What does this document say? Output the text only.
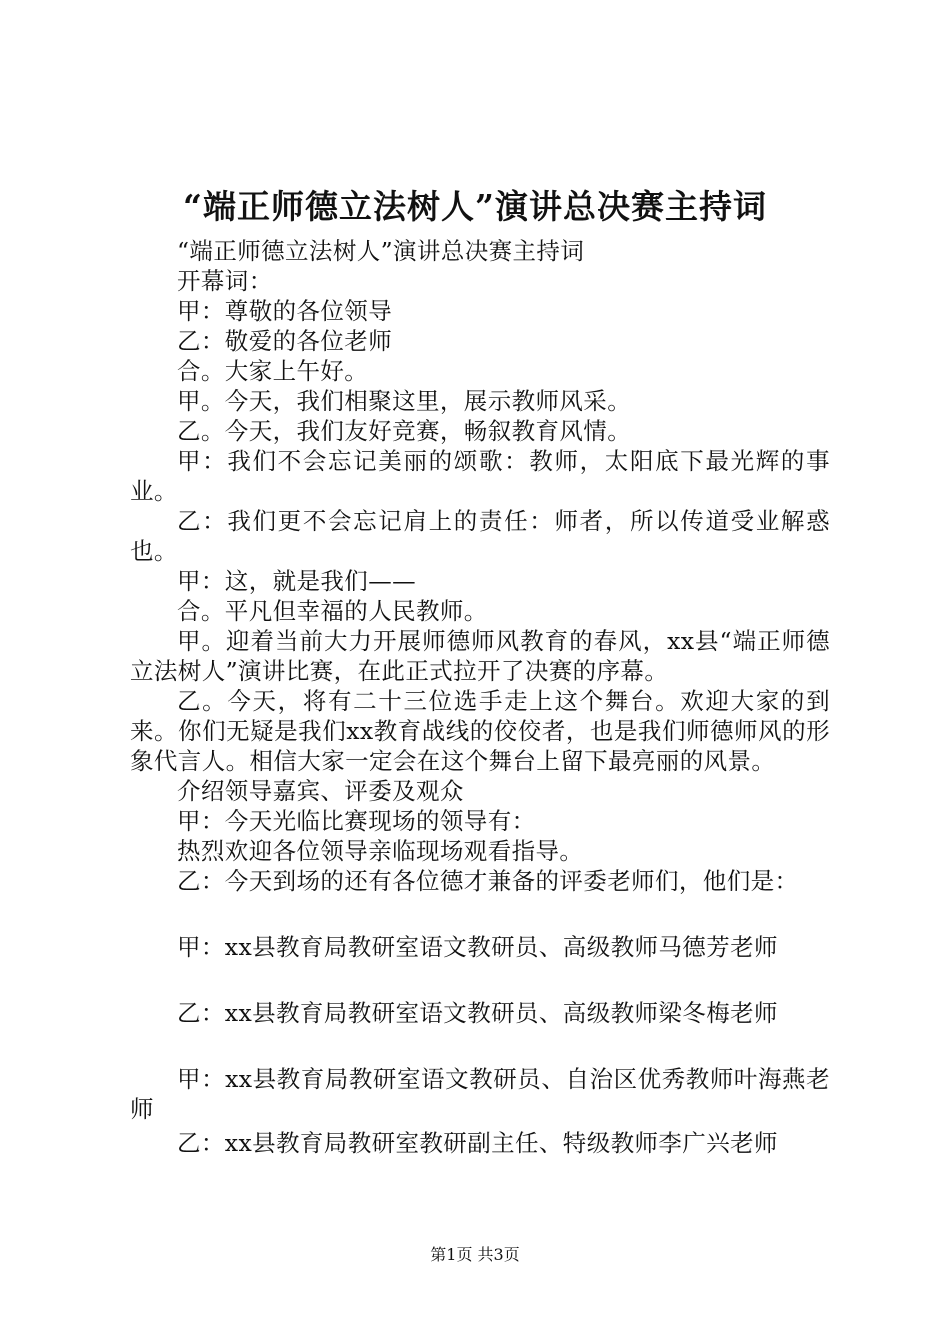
“端正师德立法树人”演讲总决赛主持词

“端正师德立法树人”演讲总决赛主持词

开幕词：

甲：尊敬的各位领导

乙：敬爱的各位老师

合。大家上午好。

甲。今天，我们相聚这里，展示教师风采。

乙。今天，我们友好竞赛，畅叙教育风情。

甲：我们不会忘记美丽的颂歌：教师，太阳底下最光辉的事业。

乙：我们更不会忘记肩上的责任：师者，所以传道受业解惑也。

甲：这，就是我们——

合。平凡但幸福的人民教师。

甲。迎着当前大力开展师德师风教育的春风，xx县“端正师德立法树人”演讲比赛，在此正式拉开了决赛的序幕。

乙。今天，将有二十三位选手走上这个舞台。欢迎大家的到来。你们无疑是我们xx教育战线的佼佼者，也是我们师德师风的形象代言人。相信大家一定会在这个舞台上留下最亮丽的风景。

介绍领导嘉宾、评委及观众

甲：今天光临比赛现场的领导有：

热烈欢迎各位领导亲临现场观看指导。

乙：今天到场的还有各位德才兼备的评委老师们，他们是：

甲：xx县教育局教研室语文教研员、高级教师马德芳老师

乙：xx县教育局教研室语文教研员、高级教师梁冬梅老师

甲：xx县教育局教研室语文教研员、自治区优秀教师叶海燕老师

乙：xx县教育局教研室教研副主任、特级教师李广兴老师

第1页 共3页
